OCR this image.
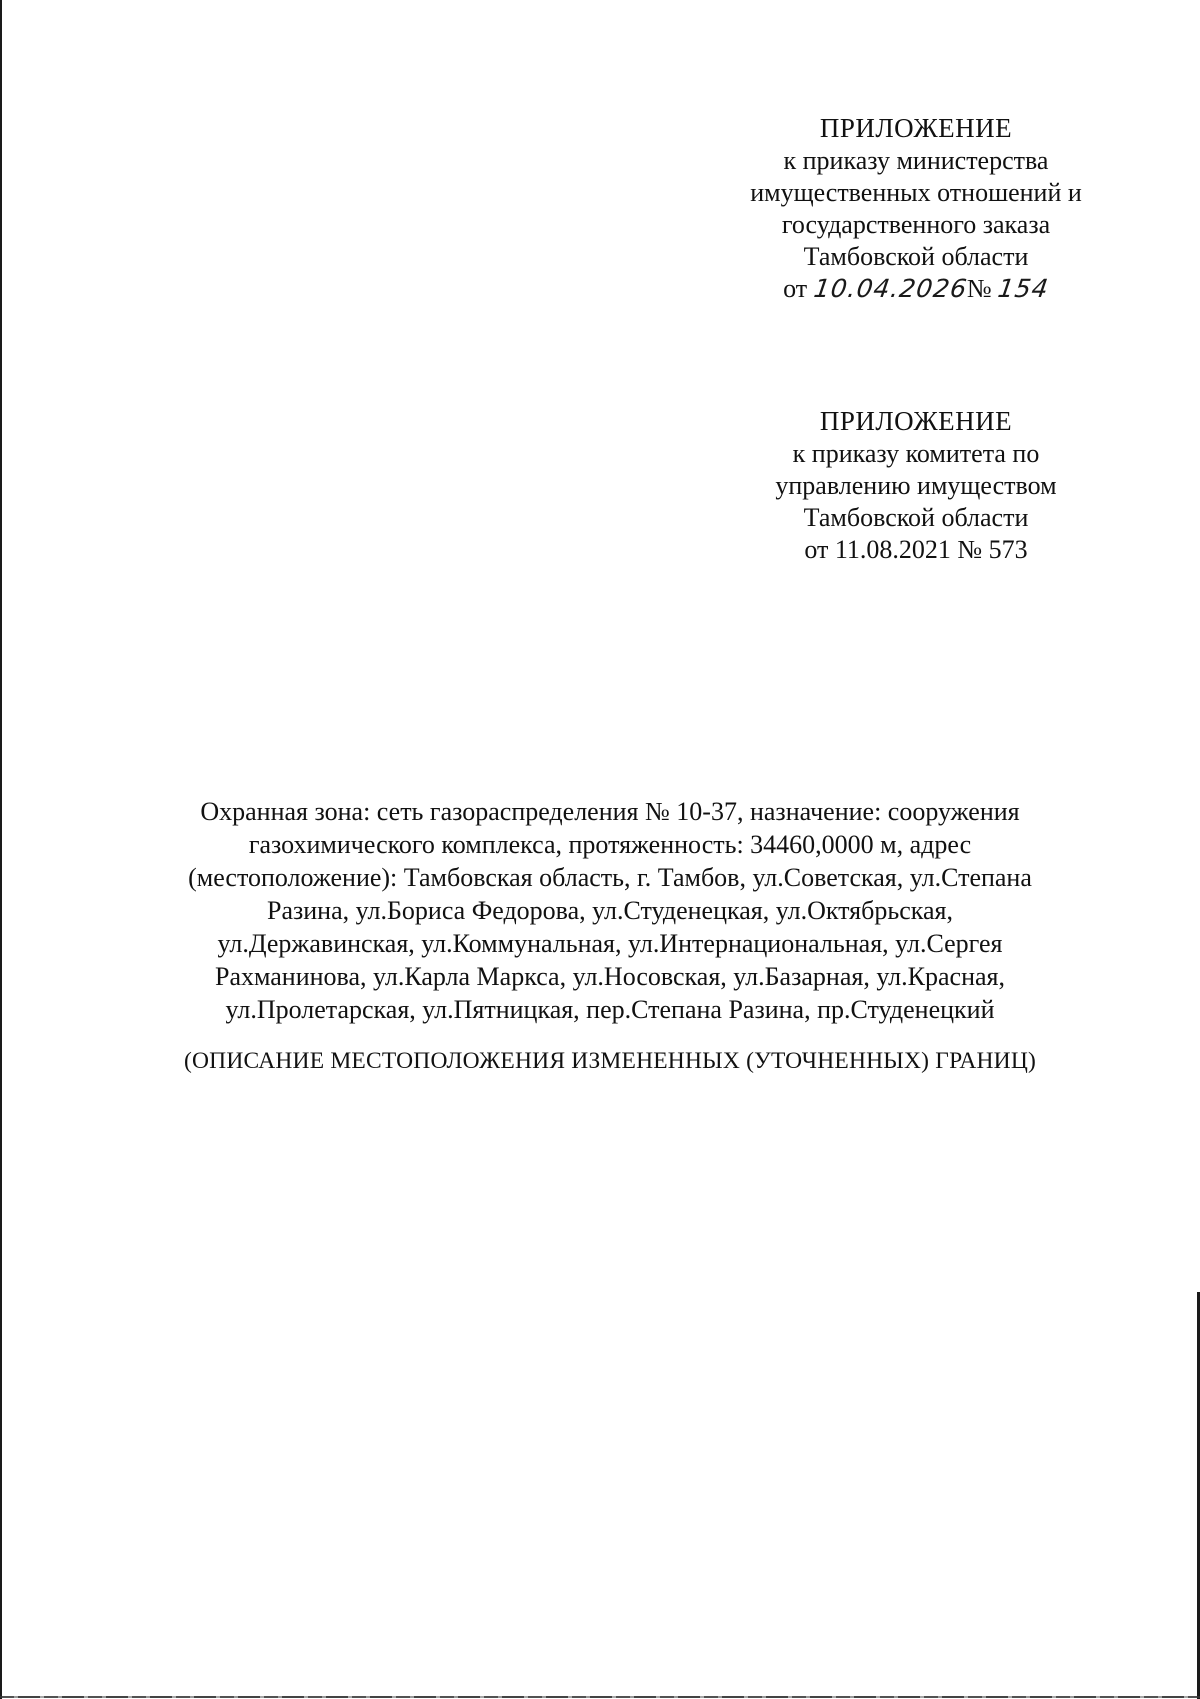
ПРИЛОЖЕНИЕ
к приказу министерства
имущественных отношений и
государственного заказа
Тамбовской области
от 10.04.2026№ 154
ПРИЛОЖЕНИЕ
к приказу комитета по
управлению имуществом
Тамбовской области
от 11.08.2021 № 573
Охранная зона: сеть газораспределения № 10-37, назначение: сооружения
газохимического комплекса, протяженность: 34460,0000 м, адрес
(местоположение): Тамбовская область, г. Тамбов, ул.Советская, ул.Степана
Разина, ул.Бориса Федорова, ул.Студенецкая, ул.Октябрьская,
ул.Державинская, ул.Коммунальная, ул.Интернациональная, ул.Сергея
Рахманинова, ул.Карла Маркса, ул.Носовская, ул.Базарная, ул.Красная,
ул.Пролетарская, ул.Пятницкая, пер.Степана Разина, пр.Студенецкий
(ОПИСАНИЕ МЕСТОПОЛОЖЕНИЯ ИЗМЕНЕННЫХ (УТОЧНЕННЫХ) ГРАНИЦ)
